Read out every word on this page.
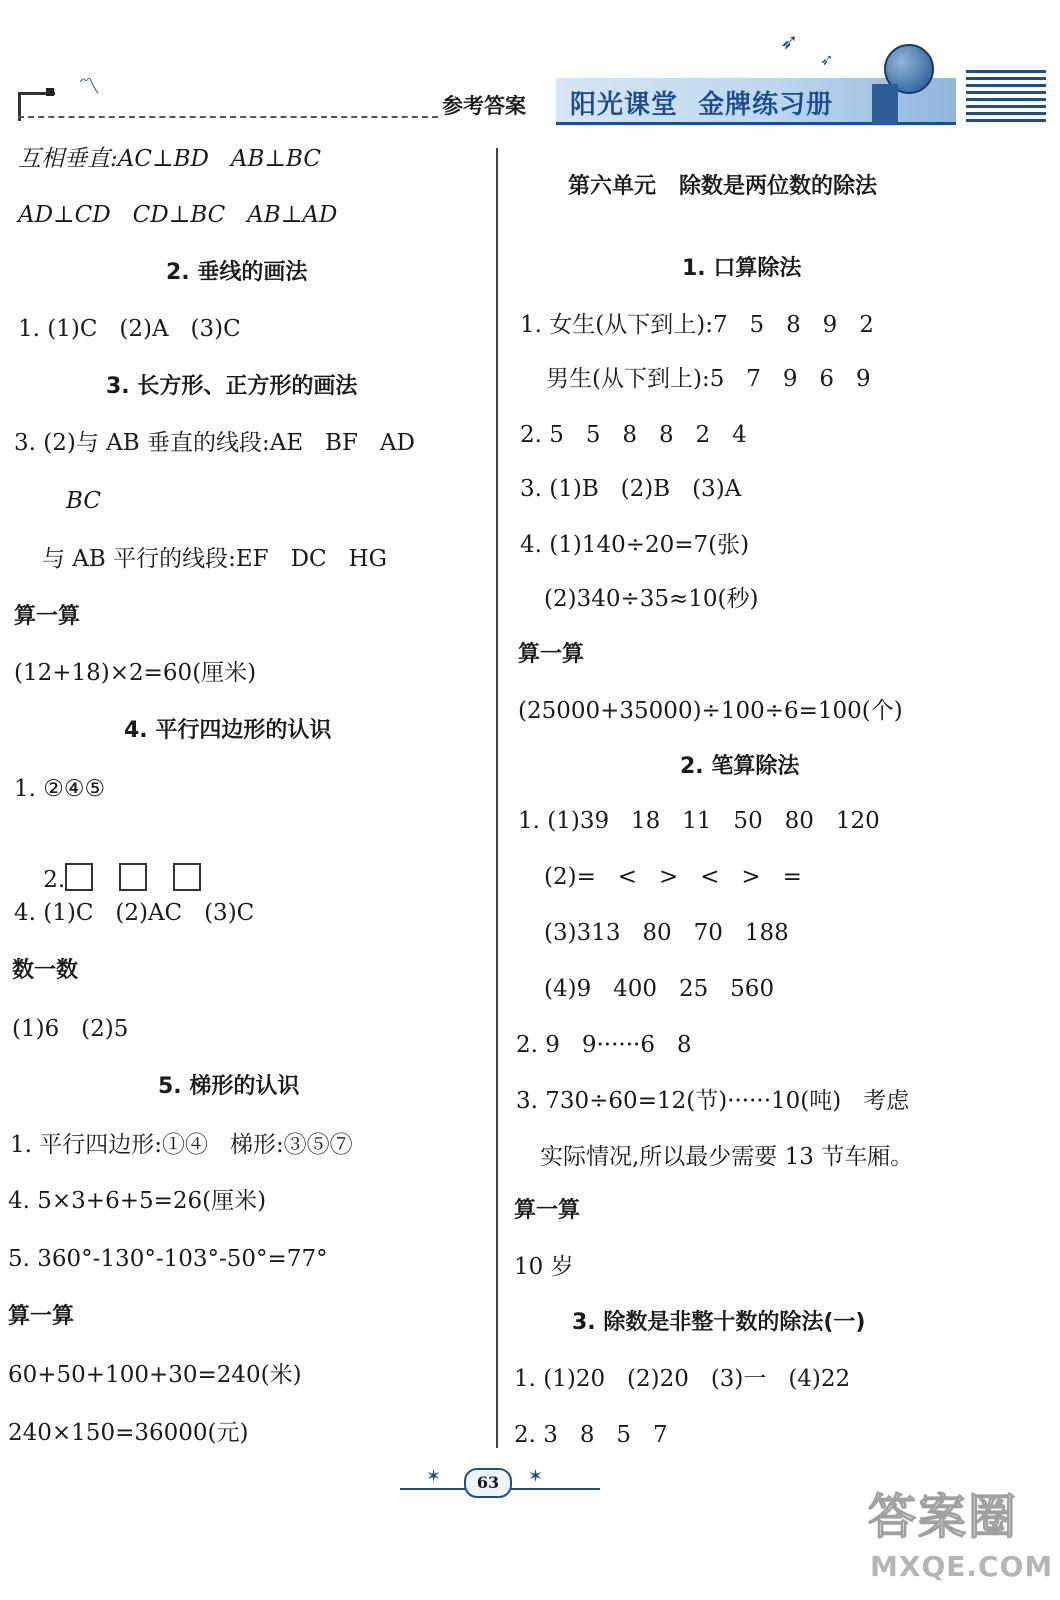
〽
➶
➶
参考答案 阳光课堂  金牌练习册
互相垂直:AC⊥BD   AB⊥BC
AD⊥CD   CD⊥BC   AB⊥AD
2. 垂线的画法
1. (1)C   (2)A   (3)C
3. 长方形、正方形的画法
3. (2)与 AB 垂直的线段:AE   BF   AD
BC
与 AB 平行的线段:EF   DC   HG
算一算
(12+18)×2=60(厘米)
4. 平行四边形的认识
1. ②④⑤

2.

4. (1)C   (2)AC   (3)C
数一数
(1)6   (2)5
5. 梯形的认识
1. 平行四边形:①④   梯形:③⑤⑦
4. 5×3+6+5=26(厘米)
5. 360°-130°-103°-50°=77°
算一算
60+50+100+30=240(米)
240×150=36000(元)
第六单元   除数是两位数的除法
1. 口算除法
1. 女生(从下到上):7   5   8   9   2
男生(从下到上):5   7   9   6   9
2. 5   5   8   8   2   4
3. (1)B   (2)B   (3)A
4. (1)140÷20=7(张)
(2)340÷35≈10(秒)
算一算
(25000+35000)÷100÷6=100(个)
2. 笔算除法
1. (1)39   18   11   50   80   120
(2)=   <   >   <   >   =
(3)313   80   70   188
(4)9   400   25   560
2. 9   9······6   8
3. 730÷60=12(节)······10(吨)   考虑
实际情况,所以最少需要 13 节车厢。
算一算
10 岁
3. 除数是非整十数的除法(一)
1. (1)20   (2)20   (3)一   (4)22
2. 3   8   5   7
✶	✶
63
答案圈
MXQE.COM
